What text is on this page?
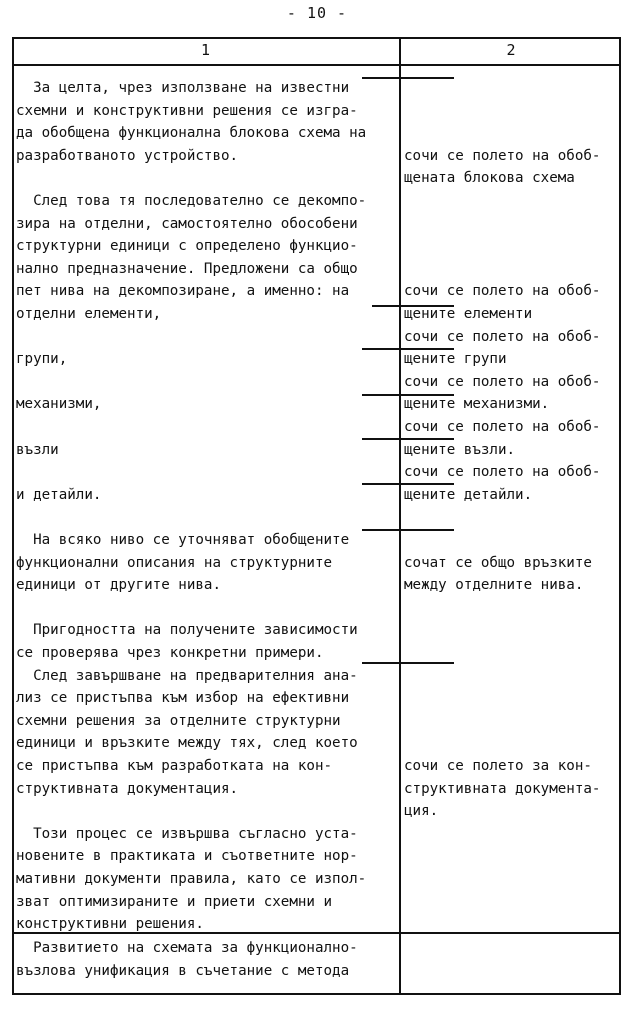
- 10 -
1	2
За целта, чрез използване на известни
схемни и конструктивни решения се изгра-
да обобщена функционална блокова схема на
разработваното устройство.
След това тя последователно се декомпо-
зира на отделни, самостоятелно обособени
структурни единици с определено функцио-
нално предназначение. Предложени са общо
пет нива на декомпозиране, а именно: на
отделни елементи,
групи,
механизми,
възли
и детайли.
На всяко ниво се уточняват обобщените
функционални описания на структурните
единици от другите нива.
Пригодността на получените зависимости
се проверява чрез конкретни примери.
След завършване на предварителния ана-
лиз се пристъпва към избор на ефективни
схемни решения за отделните структурни
единици и връзките между тях, след което
се пристъпва към разработката на кон-
структивната документация.
Този процес се извършва съгласно уста-
новените в практиката и съответните нор-
мативни документи правила, като се изпол-
зват оптимизираните и приети схемни и
конструктивни решения.
сочи се полето на обоб-
щената блокова схема
сочи се полето на обоб-
щените елементи
сочи се полето на обоб-
щените групи
сочи се полето на обоб-
щените механизми.
сочи се полето на обоб-
щените възли.
сочи се полето на обоб-
щените детайли.
сочат се общо връзките
между отделните нива.
сочи се полето за кон-
структивната документа-
ция.
Развитието на схемата за функционално-
възлова унификация в съчетание с метода
